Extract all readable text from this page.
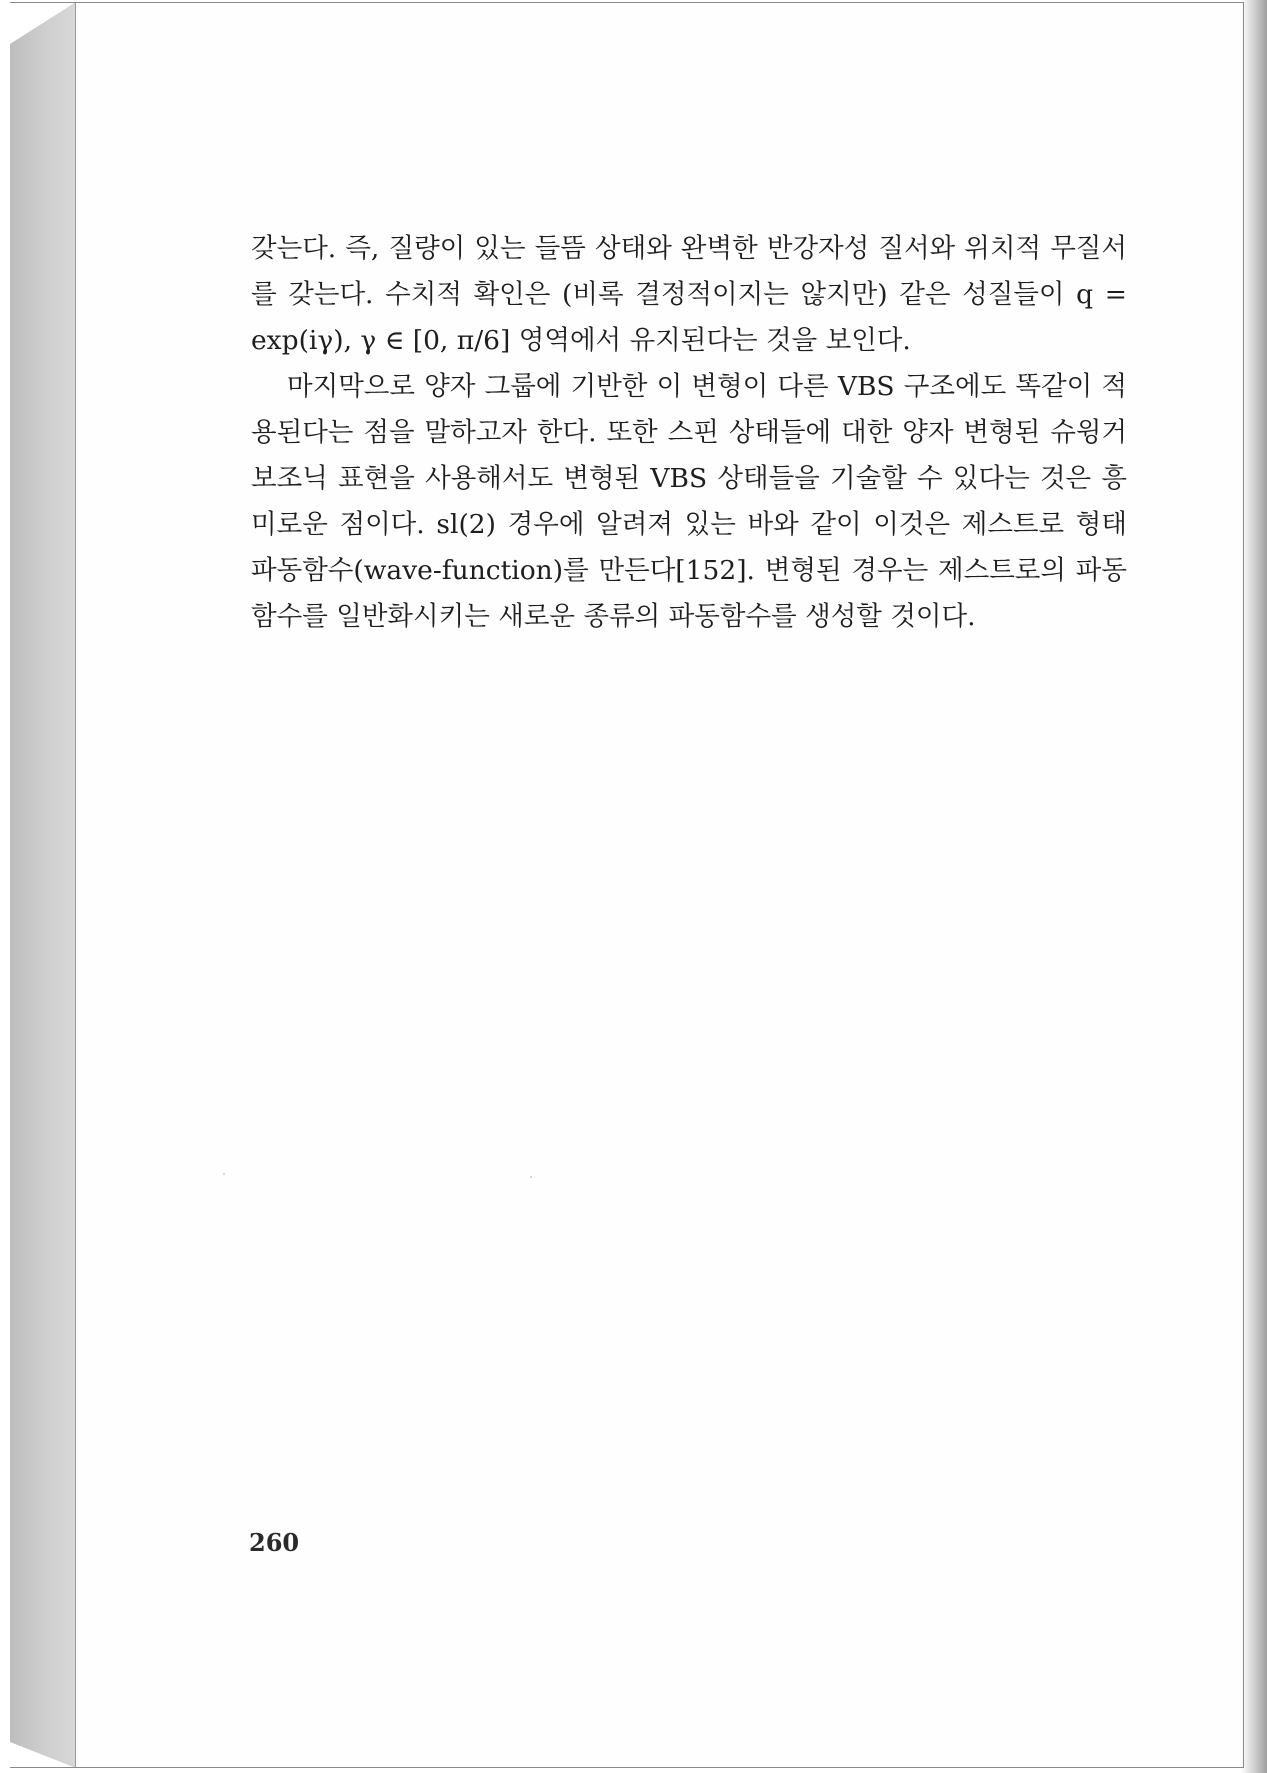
갖는다. 즉, 질량이 있는 들뜸 상태와 완벽한 반강자성 질서와 위치적 무질서를 갖는다. 수치적 확인은 (비록 결정적이지는 않지만) 같은 성질들이 q = exp(iγ), γ ∈ [0, π/6] 영역에서 유지된다는 것을 보인다.

마지막으로 양자 그룹에 기반한 이 변형이 다른 VBS 구조에도 똑같이 적용된다는 점을 말하고자 한다. 또한 스핀 상태들에 대한 양자 변형된 슈윙거 보조닉 표현을 사용해서도 변형된 VBS 상태들을 기술할 수 있다는 것은 흥미로운 점이다. sl(2) 경우에 알려져 있는 바와 같이 이것은 제스트로 형태 파동함수(wave-function)를 만든다[152]. 변형된 경우는 제스트로의 파동함수를 일반화시키는 새로운 종류의 파동함수를 생성할 것이다.

260
